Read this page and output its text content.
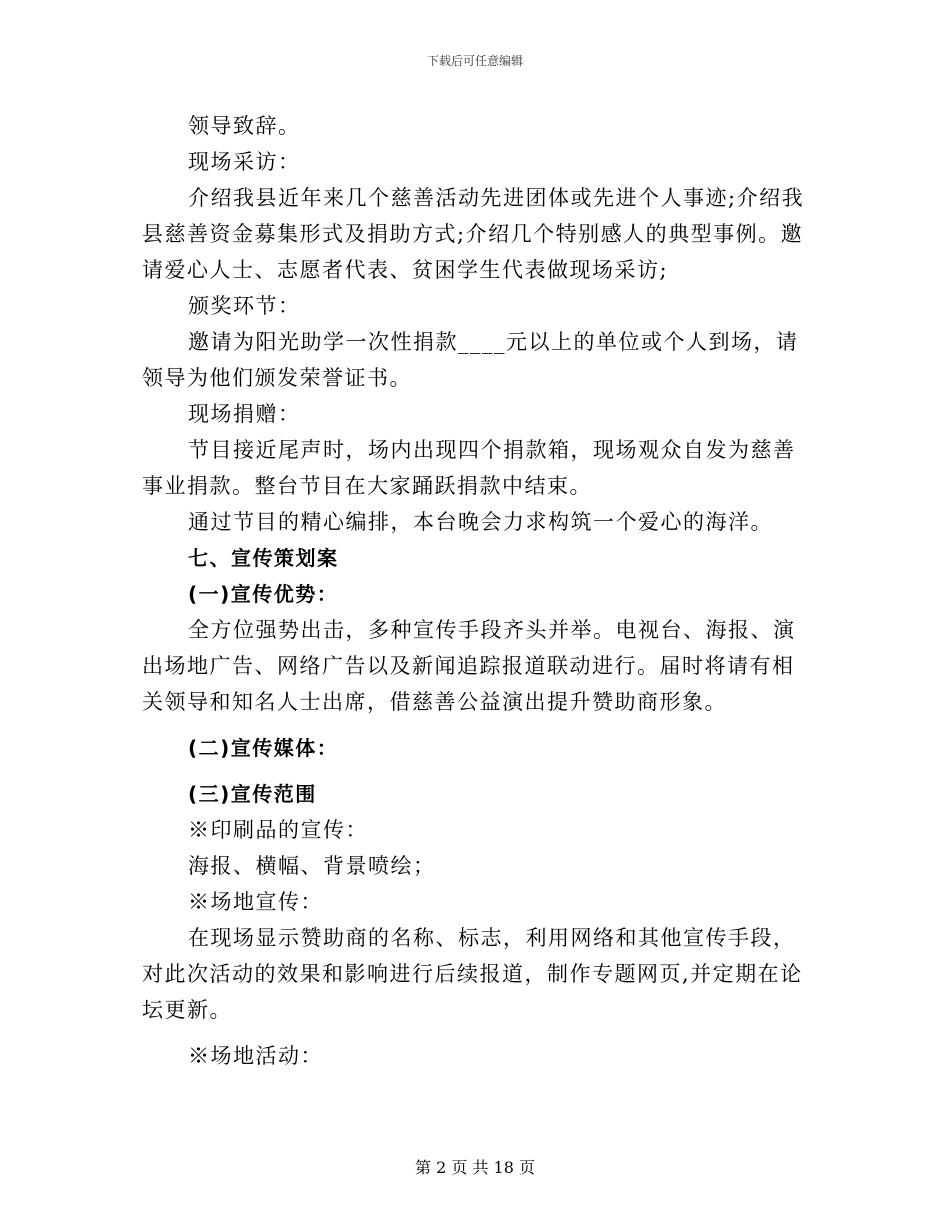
下载后可任意编辑

领导致辞。

现场采访：

介绍我县近年来几个慈善活动先进团体或先进个人事迹;介绍我县慈善资金募集形式及捐助方式;介绍几个特别感人的典型事例。邀请爱心人士、志愿者代表、贫困学生代表做现场采访;

颁奖环节：

邀请为阳光助学一次性捐款____元以上的单位或个人到场，请领导为他们颁发荣誉证书。

现场捐赠：

节目接近尾声时，场内出现四个捐款箱，现场观众自发为慈善事业捐款。整台节目在大家踊跃捐款中结束。

通过节目的精心编排，本台晚会力求构筑一个爱心的海洋。

七、宣传策划案

(一)宣传优势：

全方位强势出击，多种宣传手段齐头并举。电视台、海报、演出场地广告、网络广告以及新闻追踪报道联动进行。届时将请有相关领导和知名人士出席，借慈善公益演出提升赞助商形象。

(二)宣传媒体：

(三)宣传范围

※印刷品的宣传：

海报、横幅、背景喷绘；

※场地宣传：

在现场显示赞助商的名称、标志，利用网络和其他宣传手段，对此次活动的效果和影响进行后续报道，制作专题网页,并定期在论坛更新。

※场地活动：

第 2 页 共 18 页
